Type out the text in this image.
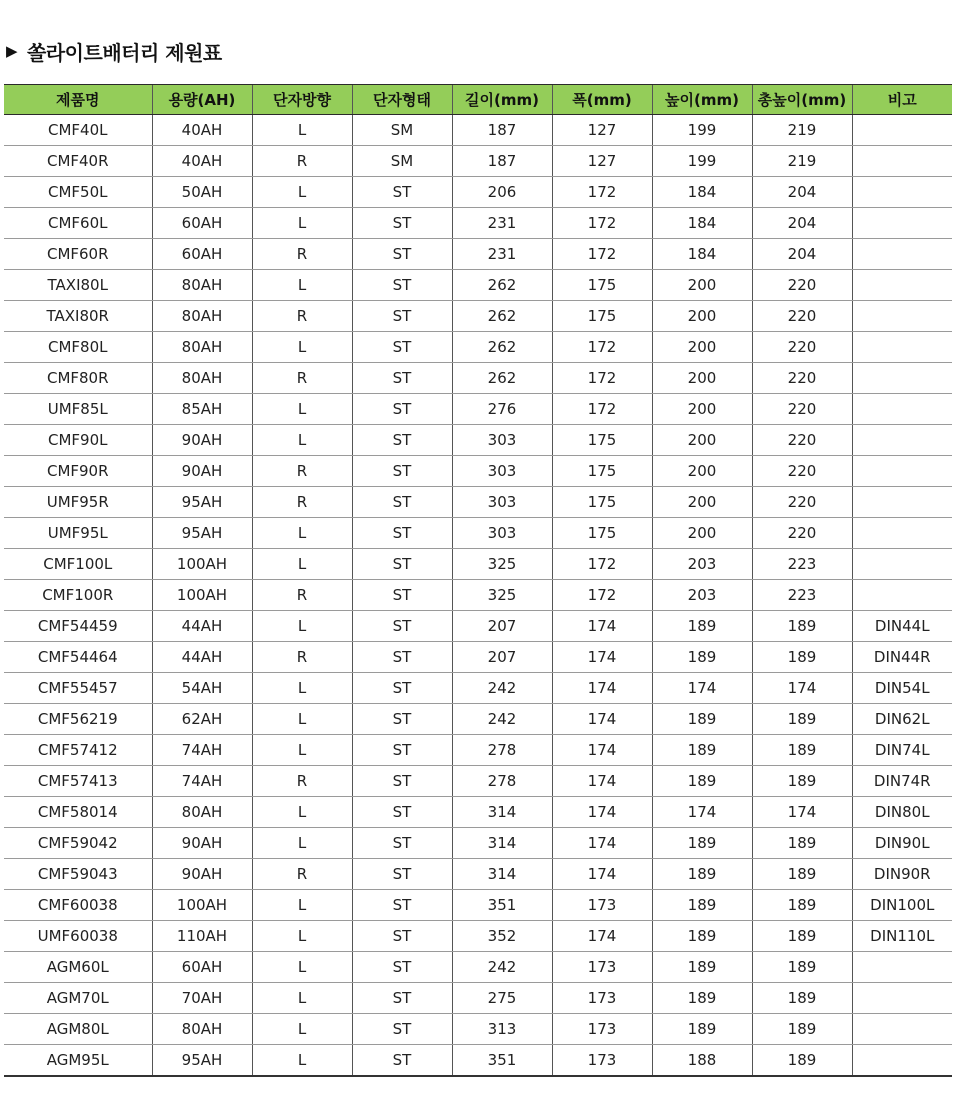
▶ 쏠라이트배터리 제원표
제품명	용량(AH)	단자방향	단자형태	길이(mm)	폭(mm)	높이(mm)	총높이(mm)	비고
CMF40L	40AH	L	SM	187	127	199	219	
CMF40R	40AH	R	SM	187	127	199	219	
CMF50L	50AH	L	ST	206	172	184	204	
CMF60L	60AH	L	ST	231	172	184	204	
CMF60R	60AH	R	ST	231	172	184	204	
TAXI80L	80AH	L	ST	262	175	200	220	
TAXI80R	80AH	R	ST	262	175	200	220	
CMF80L	80AH	L	ST	262	172	200	220	
CMF80R	80AH	R	ST	262	172	200	220	
UMF85L	85AH	L	ST	276	172	200	220	
CMF90L	90AH	L	ST	303	175	200	220	
CMF90R	90AH	R	ST	303	175	200	220	
UMF95R	95AH	R	ST	303	175	200	220	
UMF95L	95AH	L	ST	303	175	200	220	
CMF100L	100AH	L	ST	325	172	203	223	
CMF100R	100AH	R	ST	325	172	203	223	
CMF54459	44AH	L	ST	207	174	189	189	DIN44L
CMF54464	44AH	R	ST	207	174	189	189	DIN44R
CMF55457	54AH	L	ST	242	174	174	174	DIN54L
CMF56219	62AH	L	ST	242	174	189	189	DIN62L
CMF57412	74AH	L	ST	278	174	189	189	DIN74L
CMF57413	74AH	R	ST	278	174	189	189	DIN74R
CMF58014	80AH	L	ST	314	174	174	174	DIN80L
CMF59042	90AH	L	ST	314	174	189	189	DIN90L
CMF59043	90AH	R	ST	314	174	189	189	DIN90R
CMF60038	100AH	L	ST	351	173	189	189	DIN100L
UMF60038	110AH	L	ST	352	174	189	189	DIN110L
AGM60L	60AH	L	ST	242	173	189	189	
AGM70L	70AH	L	ST	275	173	189	189	
AGM80L	80AH	L	ST	313	173	189	189	
AGM95L	95AH	L	ST	351	173	188	189	
